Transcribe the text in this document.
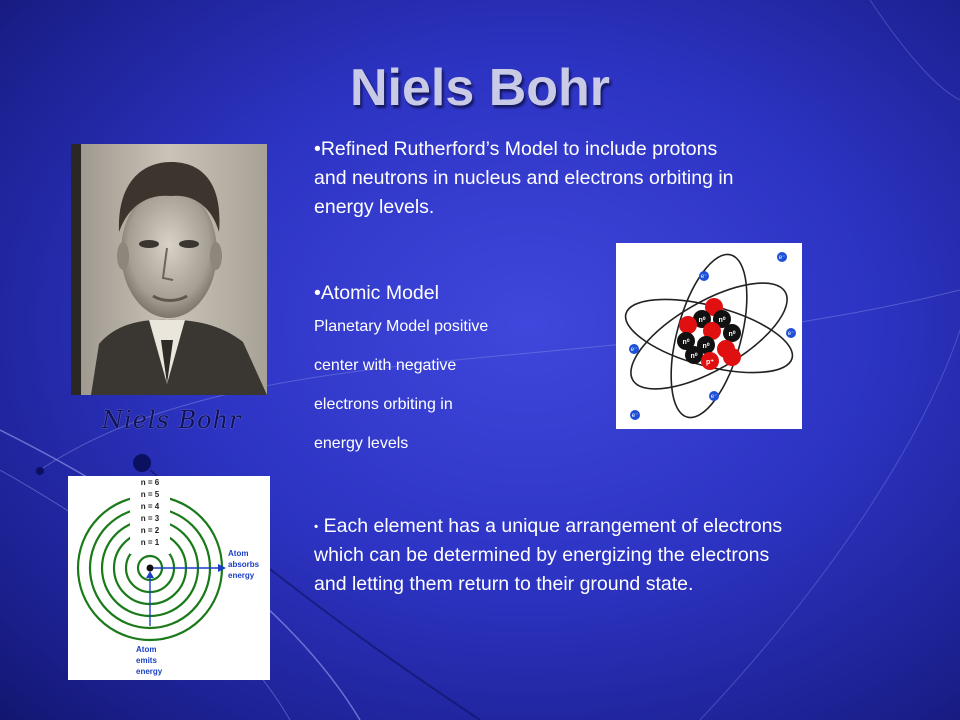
Niels Bohr
Niels Bohr
•Refined Rutherford’s Model to include protons and neutrons in nucleus and electrons orbiting in energy levels.
•Atomic Model
Planetary Model positive
center with negative
electrons orbiting in
energy levels
• Each element has a unique arrangement of electrons which can be determined by energizing the electrons and letting them return to their ground state.
n⁰ n⁰
n⁰
n⁰
n⁰
n⁰
p⁺
e⁻
e⁻
e⁻
e⁻
e⁻
e⁻
n = 6
n = 5
n = 4
n = 3
n = 2
n = 1
Atom
absorbs
energy
Atom
emits
energy
